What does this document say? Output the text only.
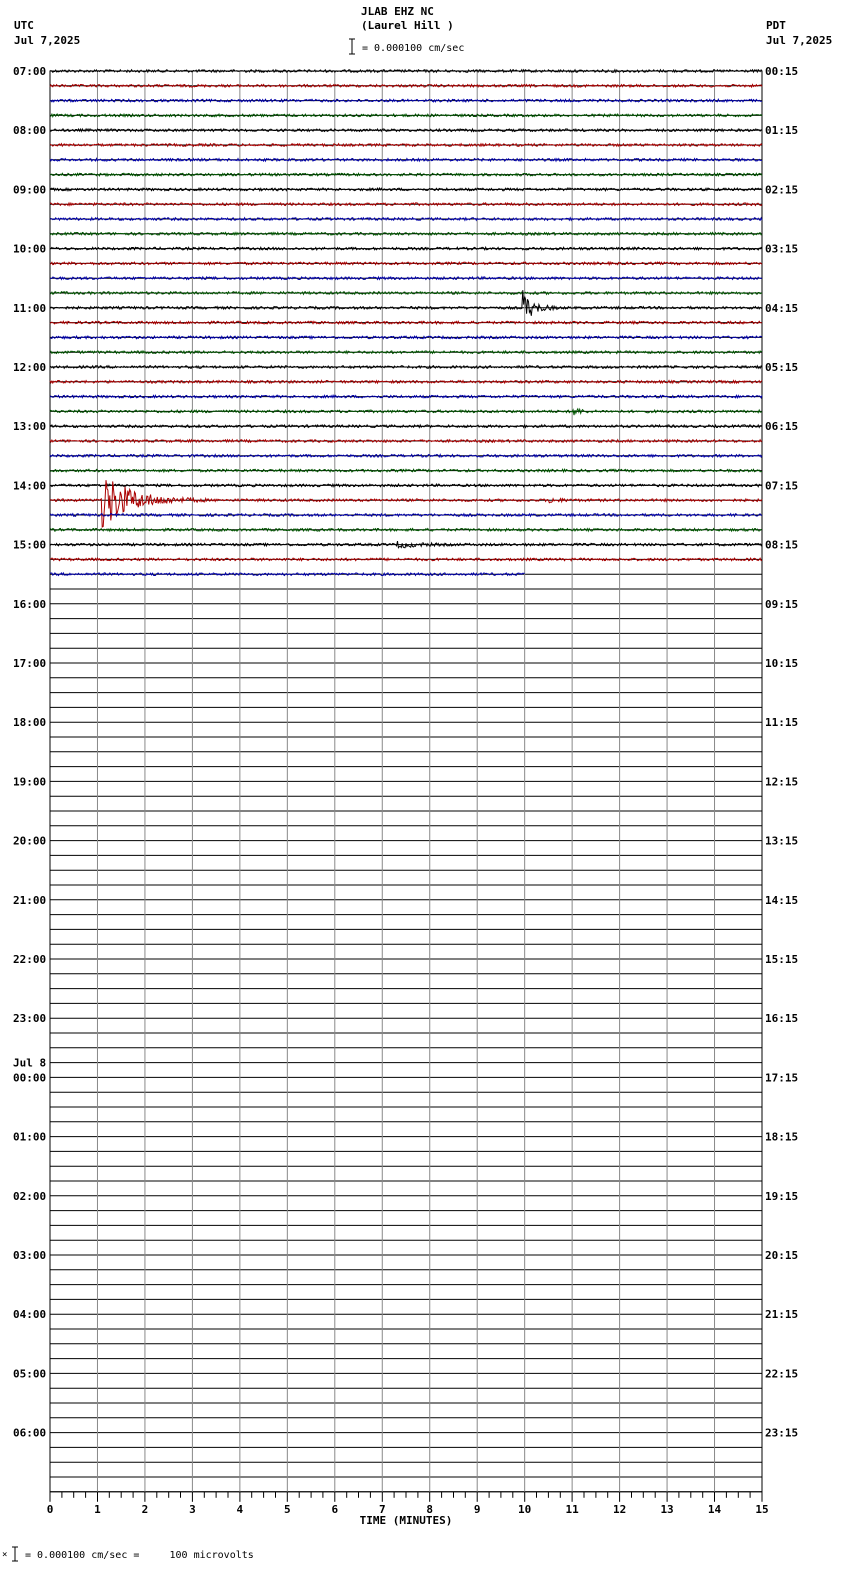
UTC
Jul 7,2025
PDT
Jul 7,2025
JLAB EHZ NC
(Laurel Hill )
= 0.000100 cm/sec
× = 0.000100 cm/sec =     100 microvolts
07:00
08:00
09:00
10:00
11:00
12:00
13:00
14:00
15:00
16:00
17:00
18:00
19:00
20:00
21:00
22:00
23:00
00:00
Jul 8
01:00
02:00
03:00
04:00
05:00
06:00
00:15
01:15
02:15
03:15
04:15
05:15
06:15
07:15
08:15
09:15
10:15
11:15
12:15
13:15
14:15
15:15
16:15
17:15
18:15
19:15
20:15
21:15
22:15
23:15
0	1	2	3	4	5	6	7	8	9	10	11	12	13	14	15
TIME (MINUTES)
